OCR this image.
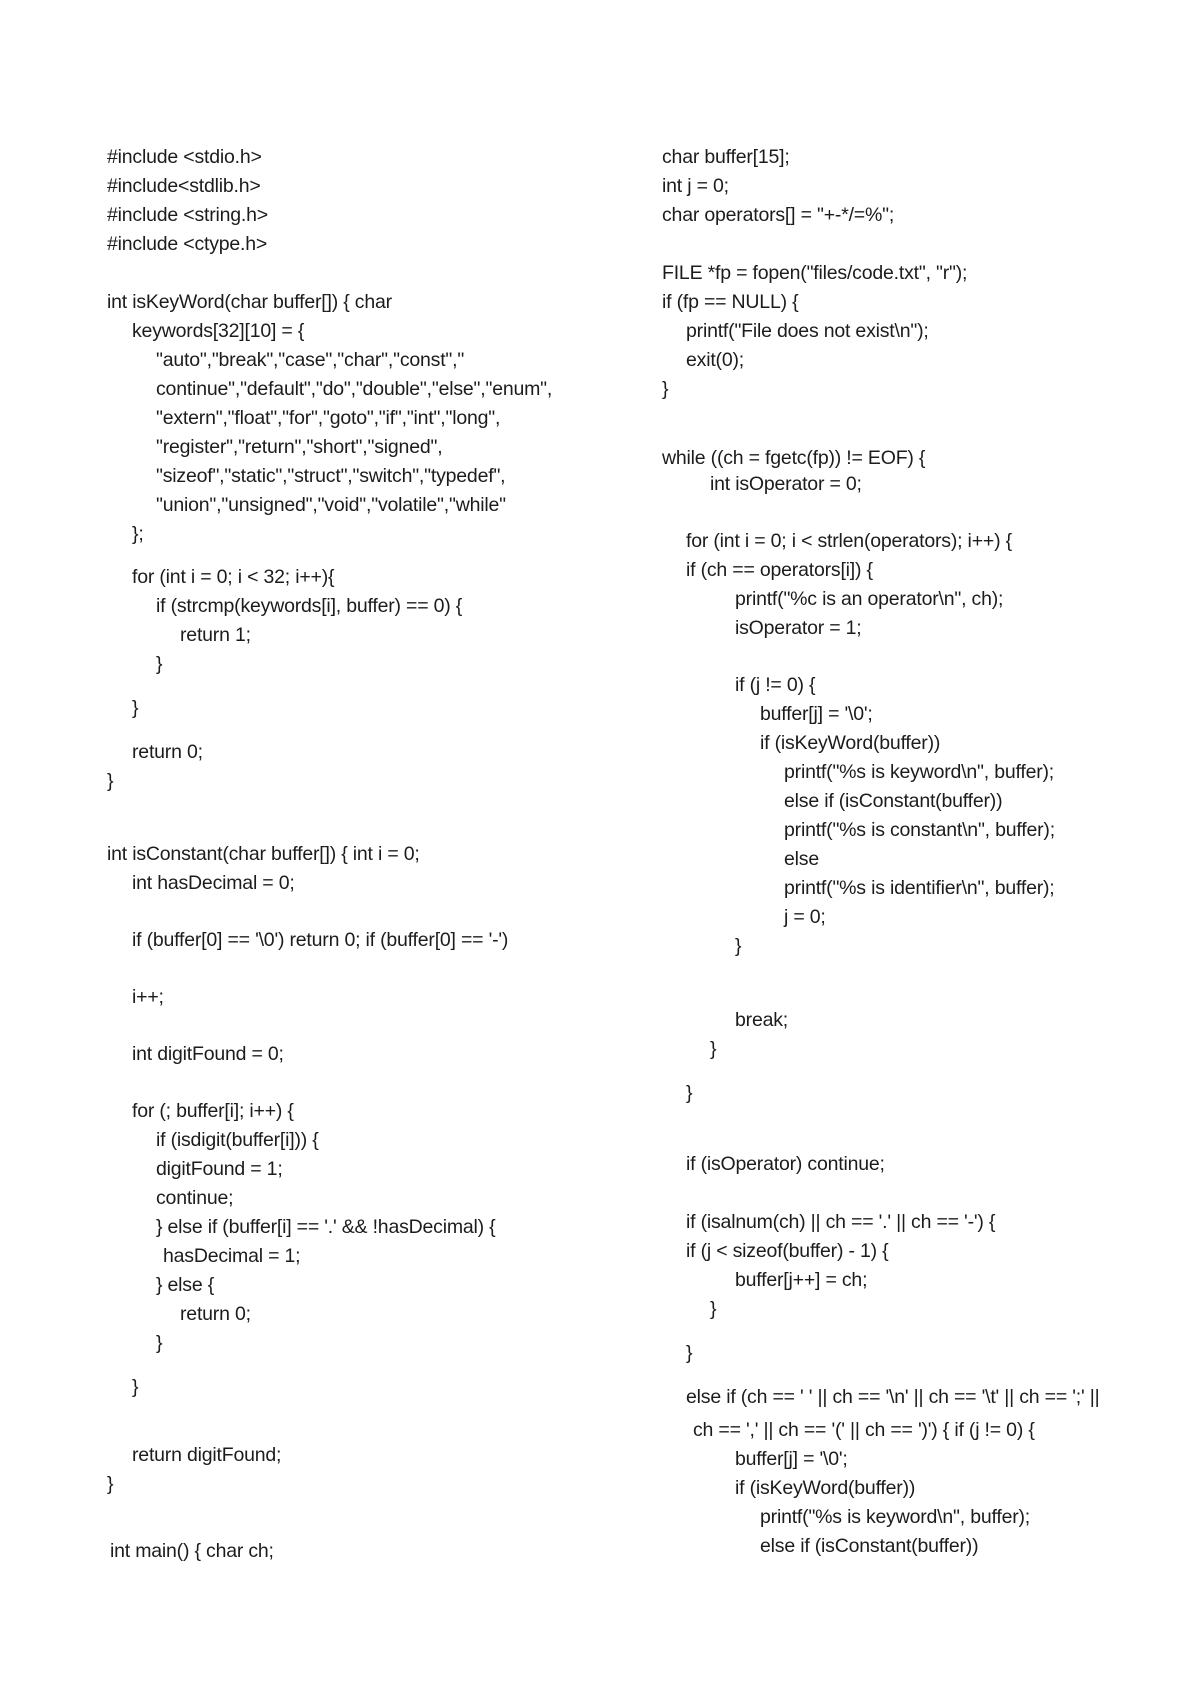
#include <stdio.h>
#include<stdlib.h>
#include <string.h>
#include <ctype.h>
int isKeyWord(char buffer[]) { char
keywords[32][10] = {
"auto","break","case","char","const","
continue","default","do","double","else","enum",
"extern","float","for","goto","if","int","long",
"register","return","short","signed",
"sizeof","static","struct","switch","typedef",
"union","unsigned","void","volatile","while"
};
for (int i = 0; i < 32; i++){
if (strcmp(keywords[i], buffer) == 0) {
return 1;
}
}
return 0;
}
int isConstant(char buffer[]) { int i = 0;
int hasDecimal = 0;
if (buffer[0] == '\0') return 0; if (buffer[0] == '-')
i++;
int digitFound = 0;
for (; buffer[i]; i++) {
if (isdigit(buffer[i])) {
digitFound = 1;
continue;
} else if (buffer[i] == '.' && !hasDecimal) {
hasDecimal = 1;
} else {
return 0;
}
}
return digitFound;
}
int main() { char ch;
char buffer[15];
int j = 0;
char operators[] = "+-*/=%";
FILE *fp = fopen("files/code.txt", "r");
if (fp == NULL) {
printf("File does not exist\n");
exit(0);
}
while ((ch = fgetc(fp)) != EOF) {
int isOperator = 0;
for (int i = 0; i < strlen(operators); i++) {
if (ch == operators[i]) {
printf("%c is an operator\n", ch);
isOperator = 1;
if (j != 0) {
buffer[j] = '\0';
if (isKeyWord(buffer))
printf("%s is keyword\n", buffer);
else if (isConstant(buffer))
printf("%s is constant\n", buffer);
else
printf("%s is identifier\n", buffer);
j = 0;
}
break;
}
}
if (isOperator) continue;
if (isalnum(ch) || ch == '.' || ch == '-') {
if (j < sizeof(buffer) - 1) {
buffer[j++] = ch;
}
}
else if (ch == ' ' || ch == '\n' || ch == '\t' || ch == ';' ||
ch == ',' || ch == '(' || ch == ')') { if (j != 0) {
buffer[j] = '\0';
if (isKeyWord(buffer))
printf("%s is keyword\n", buffer);
else if (isConstant(buffer))
